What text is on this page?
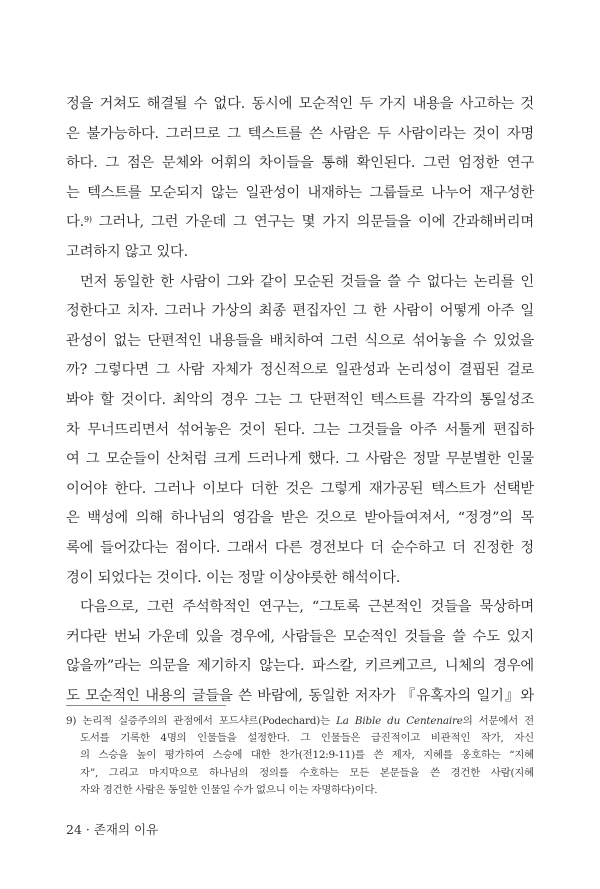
정을 거쳐도 해결될 수 없다. 동시에 모순적인 두 가지 내용을 사고하는 것
은 불가능하다. 그러므로 그 텍스트를 쓴 사람은 두 사람이라는 것이 자명
하다. 그 점은 문체와 어휘의 차이들을 통해 확인된다. 그런 엄정한 연구
는 텍스트를 모순되지 않는 일관성이 내재하는 그룹들로 나누어 재구성한
다.$^{9)}$ 그러나, 그런 가운데 그 연구는 몇 가지 의문들을 이에 간과해버리며
고려하지 않고 있다.
먼저 동일한 한 사람이 그와 같이 모순된 것들을 쓸 수 없다는 논리를 인
정한다고 치자. 그러나 가상의 최종 편집자인 그 한 사람이 어떻게 아주 일
관성이 없는 단편적인 내용들을 배치하여 그런 식으로 섞어놓을 수 있었을
까? 그렇다면 그 사람 자체가 정신적으로 일관성과 논리성이 결핍된 걸로
봐야 할 것이다. 최악의 경우 그는 그 단편적인 텍스트를 각각의 통일성조
차 무너뜨리면서 섞어놓은 것이 된다. 그는 그것들을 아주 서툴게 편집하
여 그 모순들이 산처럼 크게 드러나게 했다. 그 사람은 정말 무분별한 인물
이어야 한다. 그러나 이보다 더한 것은 그렇게 재가공된 텍스트가 선택받
은 백성에 의해 하나님의 영감을 받은 것으로 받아들여져서, “정경”의 목
록에 들어갔다는 점이다. 그래서 다른 경전보다 더 순수하고 더 진정한 정
경이 되었다는 것이다. 이는 정말 이상야릇한 해석이다.
다음으로, 그런 주석학적인 연구는, “그토록 근본적인 것들을 묵상하며
커다란 번뇌 가운데 있을 경우에, 사람들은 모순적인 것들을 쓸 수도 있지
않을까”라는 의문을 제기하지 않는다. 파스칼, 키르케고르, 니체의 경우에
도 모순적인 내용의 글들을 쓴 바람에, 동일한 저자가 『유혹자의 일기』와
9) 논리적 실증주의의 관점에서 포드샤르(Podechard)는 La Bible du Centenaire의 서문에서 전
도서를 기록한 4명의 인물들을 설정한다. 그 인물들은 급진적이고 비관적인 작가, 자신
의 스승을 높이 평가하여 스승에 대한 찬가(전12:9-11)를 쓴 제자, 지혜를 옹호하는 “지혜
자”, 그리고 마지막으로 하나님의 정의를 수호하는 모든 본문들을 쓴 경건한 사람(지혜
자와 경건한 사람은 동일한 인물일 수가 없으니 이는 자명하다)이다.
24 · 존재의 이유
